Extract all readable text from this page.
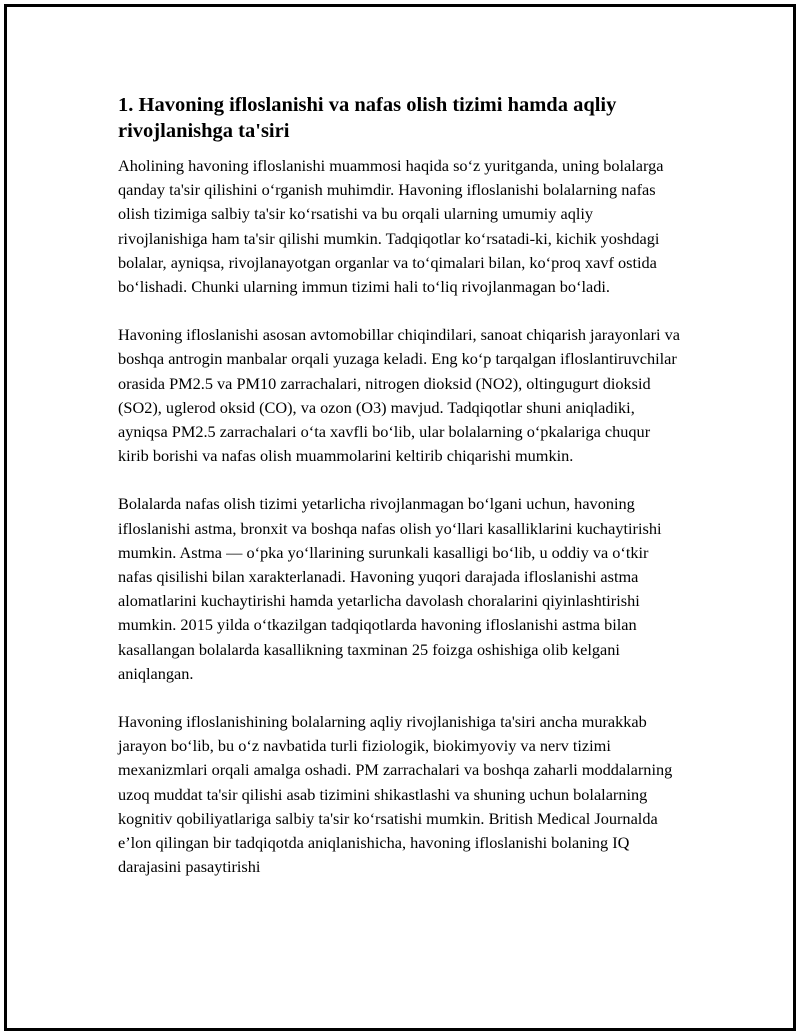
1. Havoning ifloslanishi va nafas olish tizimi hamda aqliy rivojlanishga ta'siri

Aholining havoning ifloslanishi muammosi haqida so‘z yuritganda, uning bolalarga qanday ta'sir qilishini o‘rganish muhimdir. Havoning ifloslanishi bolalarning nafas olish tizimiga salbiy ta'sir ko‘rsatishi va bu orqali ularning umumiy aqliy rivojlanishiga ham ta'sir qilishi mumkin. Tadqiqotlar ko‘rsatadi-ki, kichik yoshdagi bolalar, ayniqsa, rivojlanayotgan organlar va to‘qimalari bilan, ko‘proq xavf ostida bo‘lishadi. Chunki ularning immun tizimi hali to‘liq rivojlanmagan bo‘ladi.

Havoning ifloslanishi asosan avtomobillar chiqindilari, sanoat chiqarish jarayonlari va boshqa antrogin manbalar orqali yuzaga keladi. Eng ko‘p tarqalgan ifloslantiruvchilar orasida PM2.5 va PM10 zarrachalari, nitrogen dioksid (NO2), oltingugurt dioksid (SO2), uglerod oksid (CO), va ozon (O3) mavjud. Tadqiqotlar shuni aniqladiki, ayniqsa PM2.5 zarrachalari o‘ta xavfli bo‘lib, ular bolalarning o‘pkalariga chuqur kirib borishi va nafas olish muammolarini keltirib chiqarishi mumkin.

Bolalarda nafas olish tizimi yetarlicha rivojlanmagan bo‘lgani uchun, havoning ifloslanishi astma, bronxit va boshqa nafas olish yo‘llari kasalliklarini kuchaytirishi mumkin. Astma — o‘pka yo‘llarining surunkali kasalligi bo‘lib, u oddiy va o‘tkir nafas qisilishi bilan xarakterlanadi. Havoning yuqori darajada ifloslanishi astma alomatlarini kuchaytirishi hamda yetarlicha davolash choralarini qiyinlashtirishi mumkin. 2015 yilda o‘tkazilgan tadqiqotlarda havoning ifloslanishi astma bilan kasallangan bolalarda kasallikning taxminan 25 foizga oshishiga olib kelgani aniqlangan.

Havoning ifloslanishining bolalarning aqliy rivojlanishiga ta'siri ancha murakkab jarayon bo‘lib, bu o‘z navbatida turli fiziologik, biokimyoviy va nerv tizimi mexanizmlari orqali amalga oshadi. PM zarrachalari va boshqa zaharli moddalarning uzoq muddat ta'sir qilishi asab tizimini shikastlashi va shuning uchun bolalarning kognitiv qobiliyatlariga salbiy ta'sir ko‘rsatishi mumkin. British Medical Journalda e’lon qilingan bir tadqiqotda aniqlanishicha, havoning ifloslanishi bolaning IQ darajasini pasaytirishi
